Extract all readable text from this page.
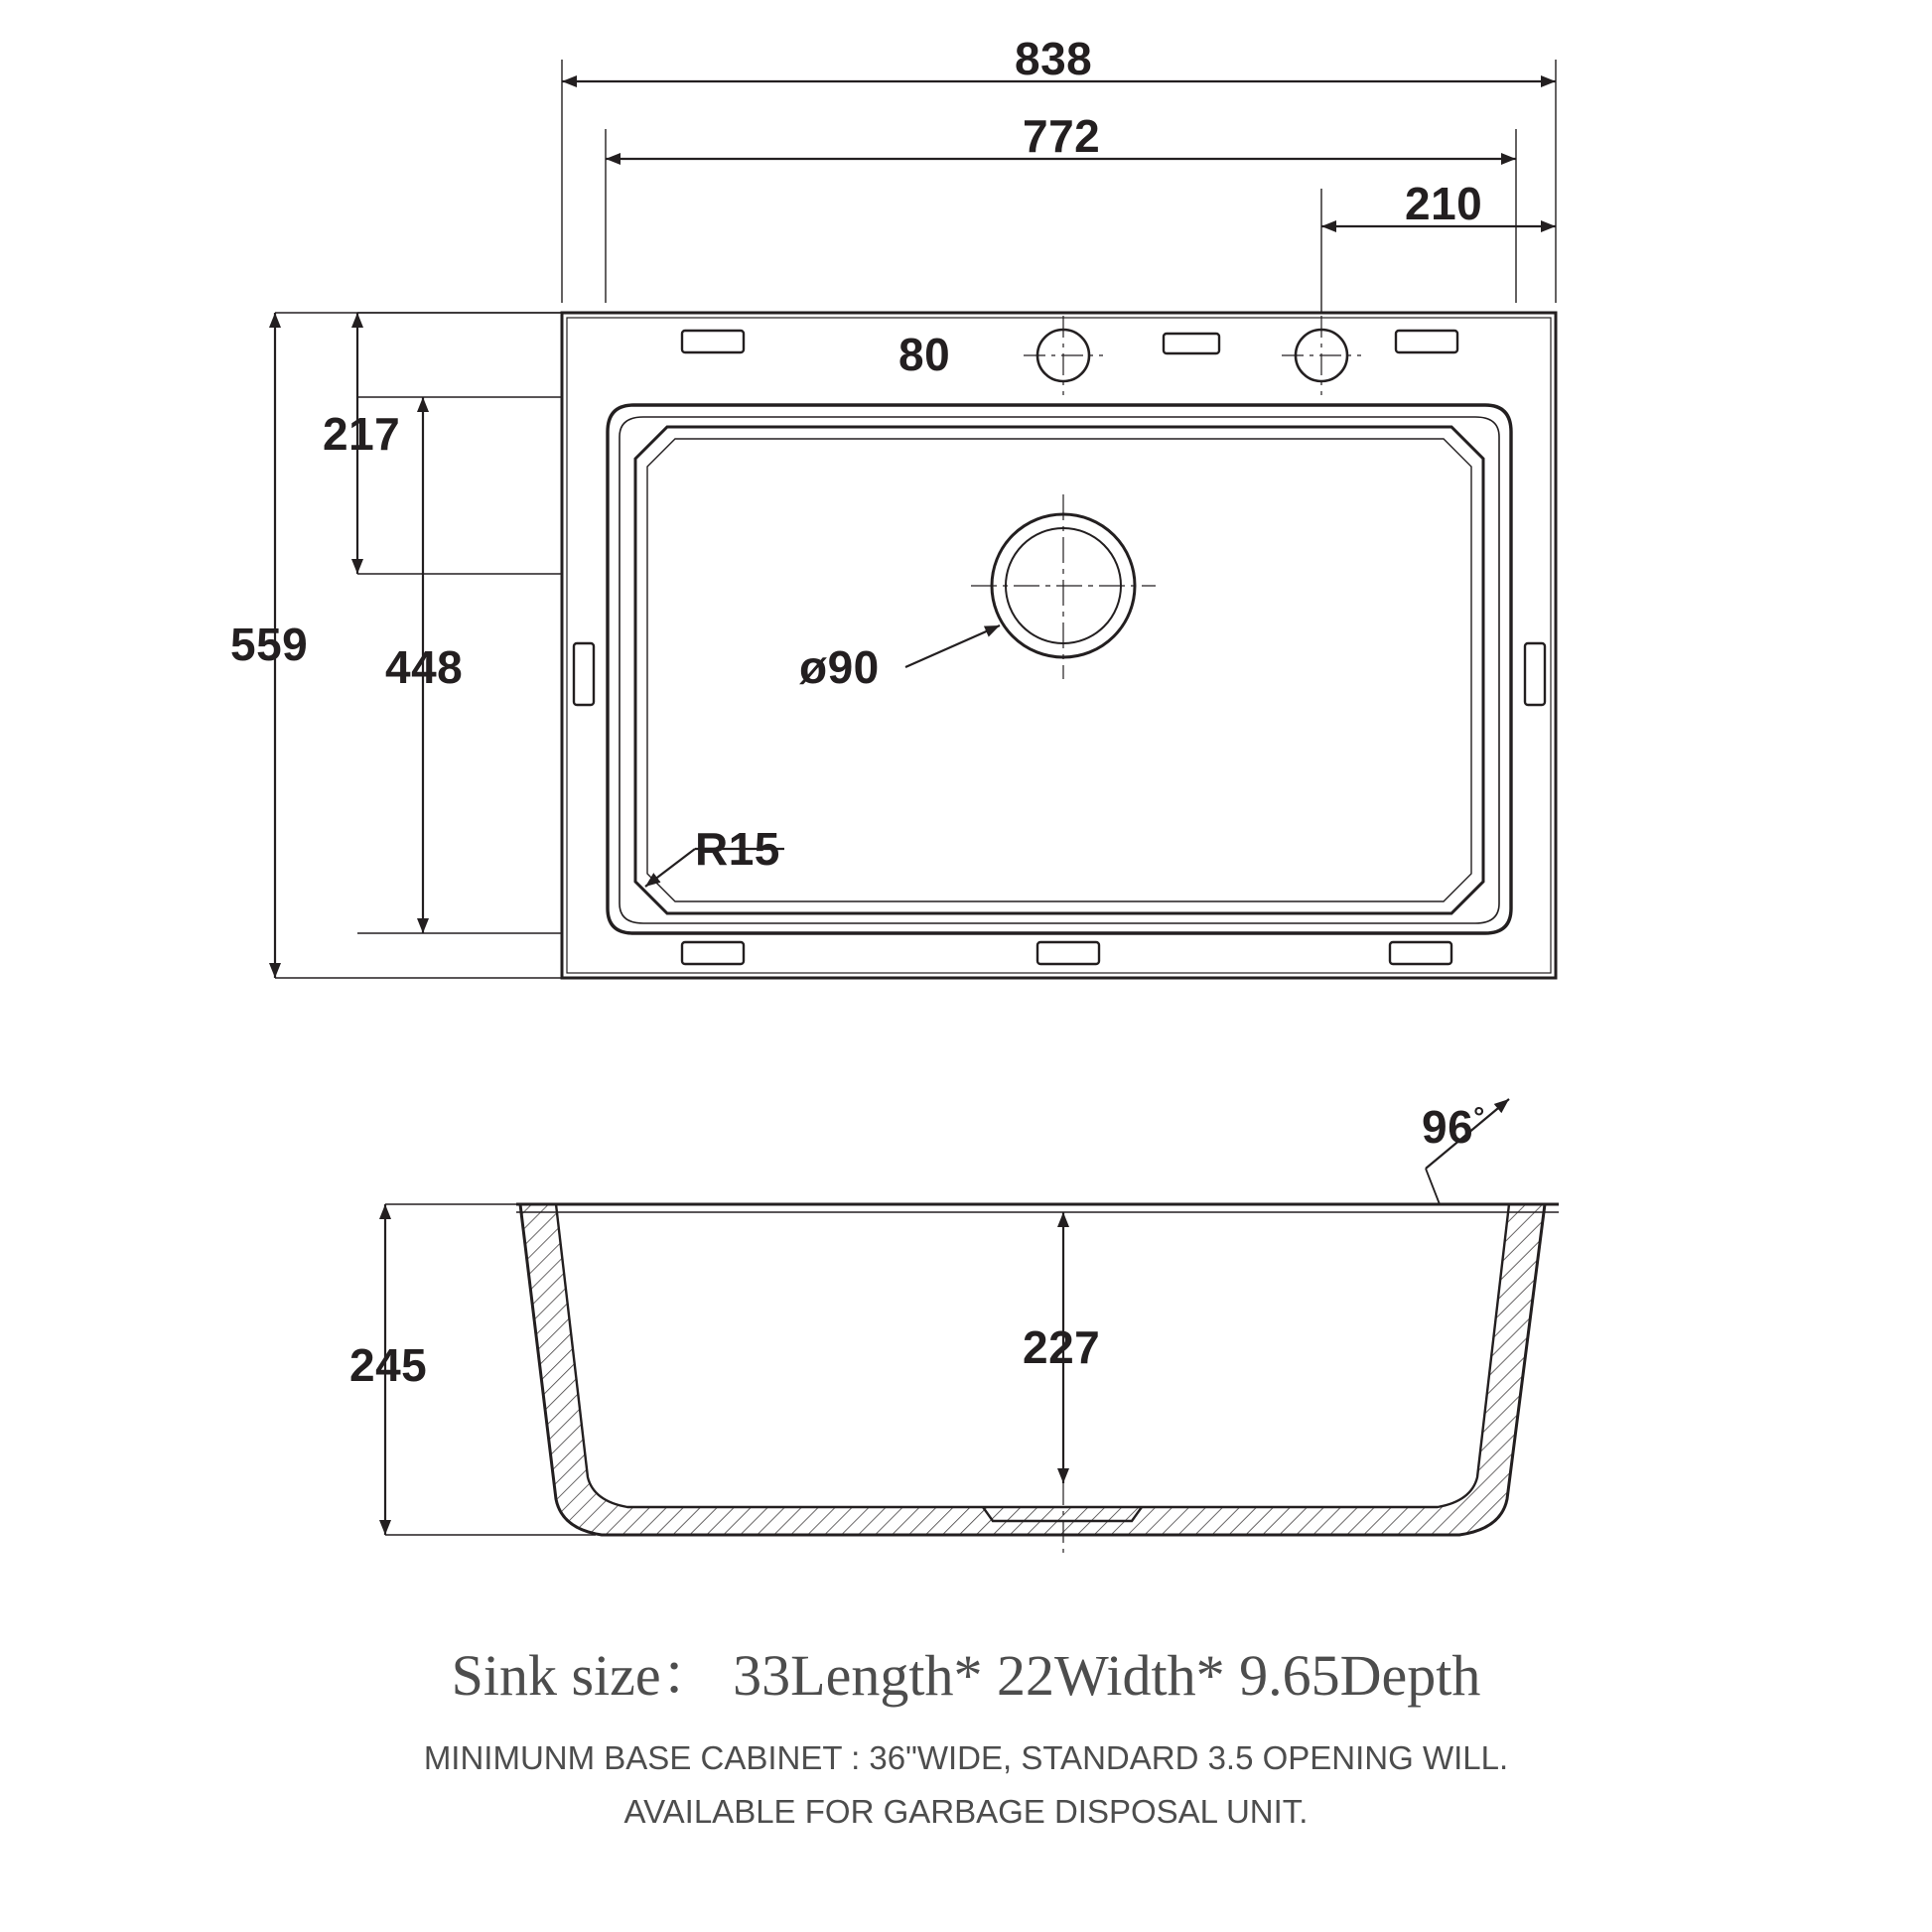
838
772
210
80
217
559 448	ø90
R15
245	227
96°
Sink size： 33Length* 22Width* 9.65Depth
MINIMUNM BASE CABINET : 36"WIDE, STANDARD 3.5 OPENING WILL.
AVAILABLE FOR GARBAGE DISPOSAL UNIT.
